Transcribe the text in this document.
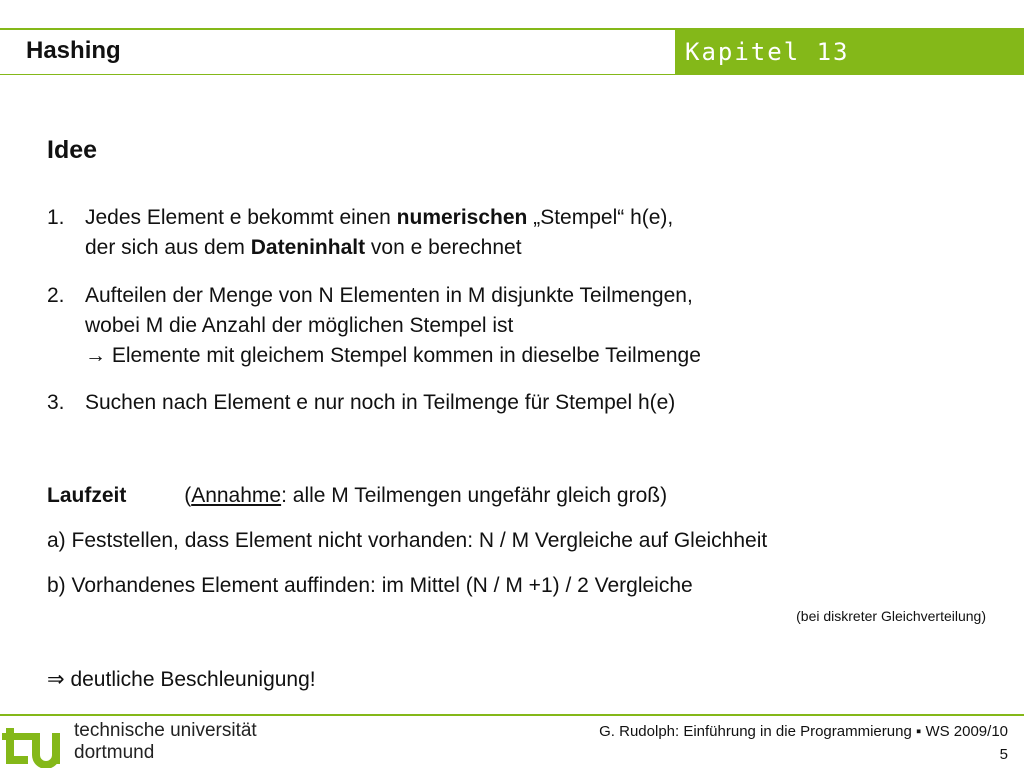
Hashing	Kapitel 13
Idee
1. Jedes Element e bekommt einen numerischen „Stempel“ h(e),
der sich aus dem Dateninhalt von e berechnet
2. Aufteilen der Menge von N Elementen in M disjunkte Teilmengen,
wobei M die Anzahl der möglichen Stempel ist
→ Elemente mit gleichem Stempel kommen in dieselbe Teilmenge
3. Suchen nach Element e nur noch in Teilmenge für Stempel h(e)
Laufzeit	(Annahme: alle M Teilmengen ungefähr gleich groß)
a) Feststellen, dass Element nicht vorhanden: N / M Vergleiche auf Gleichheit
b) Vorhandenes Element auffinden: im Mittel (N / M +1) / 2 Vergleiche
(bei diskreter Gleichverteilung)
⇒ deutliche Beschleunigung!
technische universität
dortmund
G. Rudolph: Einführung in die Programmierung ▪ WS 2009/10
5
